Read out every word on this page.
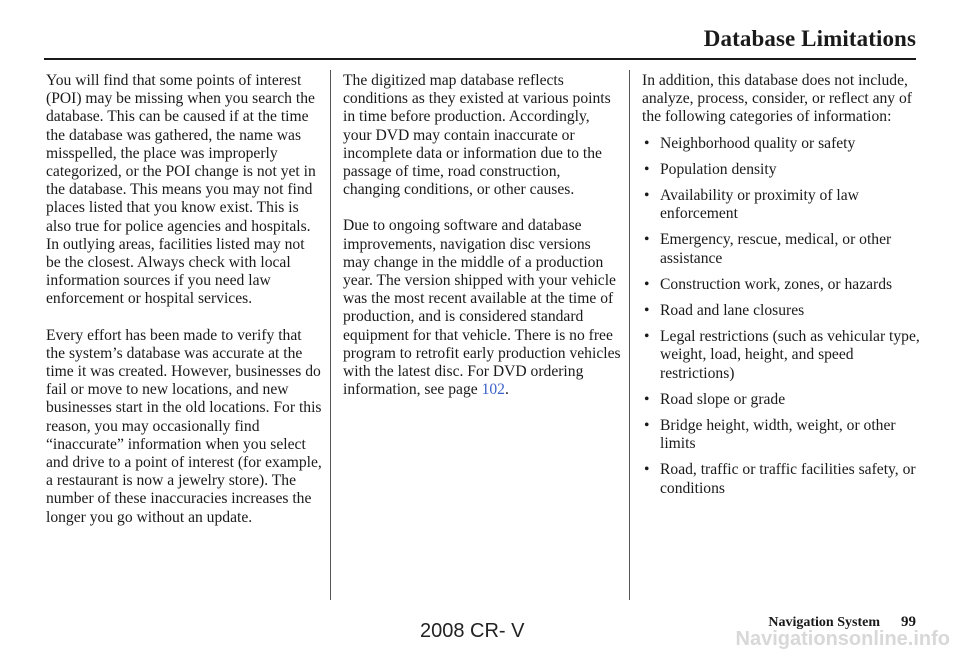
Database Limitations

You will find that some points of interest (POI) may be missing when you search the database. This can be caused if at the time the database was gathered, the name was misspelled, the place was improperly categorized, or the POI change is not yet in the database. This means you may not find places listed that you know exist. This is also true for police agencies and hospitals. In outlying areas, facilities listed may not be the closest. Always check with local information sources if you need law enforcement or hospital services.

Every effort has been made to verify that the system’s database was accurate at the time it was created. However, businesses do fail or move to new locations, and new businesses start in the old locations. For this reason, you may occasionally find “inaccurate” information when you select and drive to a point of interest (for example, a restaurant is now a jewelry store). The number of these inaccuracies increases the longer you go without an update.

The digitized map database reflects conditions as they existed at various points in time before production. Accordingly, your DVD may contain inaccurate or incomplete data or information due to the passage of time, road construction, changing conditions, or other causes.

Due to ongoing software and database improvements, navigation disc versions may change in the middle of a production year. The version shipped with your vehicle was the most recent available at the time of production, and is considered standard equipment for that vehicle. There is no free program to retrofit early production vehicles with the latest disc. For DVD ordering information, see page 102.

In addition, this database does not include, analyze, process, consider, or reflect any of the following categories of information:

• Neighborhood quality or safety
• Population density
• Availability or proximity of law enforcement
• Emergency, rescue, medical, or other assistance
• Construction work, zones, or hazards
• Road and lane closures
• Legal restrictions (such as vehicular type, weight, load, height, and speed restrictions)
• Road slope or grade
• Bridge height, width, weight, or other limits
• Road, traffic or traffic facilities safety, or conditions
Navigation System 99
2008 CR- V	Navigationsonline.info
